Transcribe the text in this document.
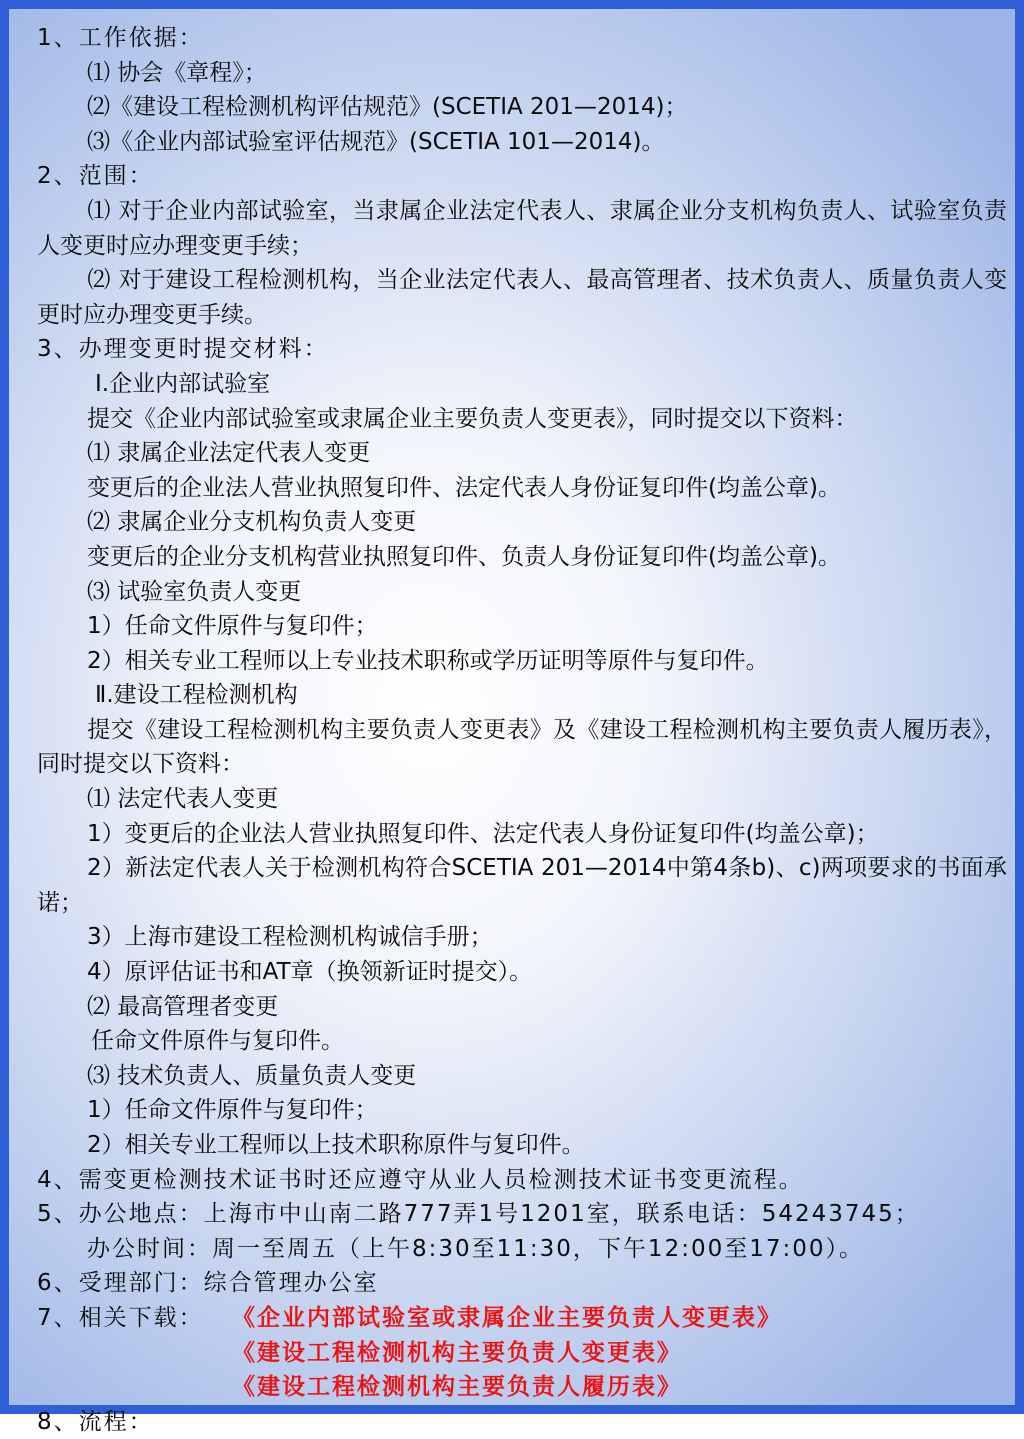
1、工作依据：
⑴ 协会《章程》；
⑵《建设工程检测机构评估规范》(SCETIA 201—2014)；
⑶《企业内部试验室评估规范》(SCETIA 101—2014)。
2、范围：
⑴ 对于企业内部试验室，当隶属企业法定代表人、隶属企业分支机构负责人、试验室负责人变更时应办理变更手续；
⑵ 对于建设工程检测机构，当企业法定代表人、最高管理者、技术负责人、质量负责人变更时应办理变更手续。
3、办理变更时提交材料：
Ⅰ.企业内部试验室
提交《企业内部试验室或隶属企业主要负责人变更表》，同时提交以下资料：
⑴ 隶属企业法定代表人变更
变更后的企业法人营业执照复印件、法定代表人身份证复印件(均盖公章)。
⑵ 隶属企业分支机构负责人变更
变更后的企业分支机构营业执照复印件、负责人身份证复印件(均盖公章)。
⑶ 试验室负责人变更
1）任命文件原件与复印件；
2）相关专业工程师以上专业技术职称或学历证明等原件与复印件。
Ⅱ.建设工程检测机构
提交《建设工程检测机构主要负责人变更表》及《建设工程检测机构主要负责人履历表》，同时提交以下资料：
⑴ 法定代表人变更
1）变更后的企业法人营业执照复印件、法定代表人身份证复印件(均盖公章)；
2）新法定代表人关于检测机构符合SCETIA 201—2014中第4条b)、c)两项要求的书面承诺；
3）上海市建设工程检测机构诚信手册；
4）原评估证书和AT章（换领新证时提交）。
⑵ 最高管理者变更
任命文件原件与复印件。
⑶ 技术负责人、质量负责人变更
1）任命文件原件与复印件；
2）相关专业工程师以上技术职称原件与复印件。
4、需变更检测技术证书时还应遵守从业人员检测技术证书变更流程。
5、办公地点：上海市中山南二路777弄1号1201室，联系电话：54243745；
办公时间：周一至周五（上午8:30至11:30，下午12:00至17:00）。
6、受理部门：综合管理办公室
7、相关下载： 《企业内部试验室或隶属企业主要负责人变更表》
《建设工程检测机构主要负责人变更表》
《建设工程检测机构主要负责人履历表》
8、流程：
